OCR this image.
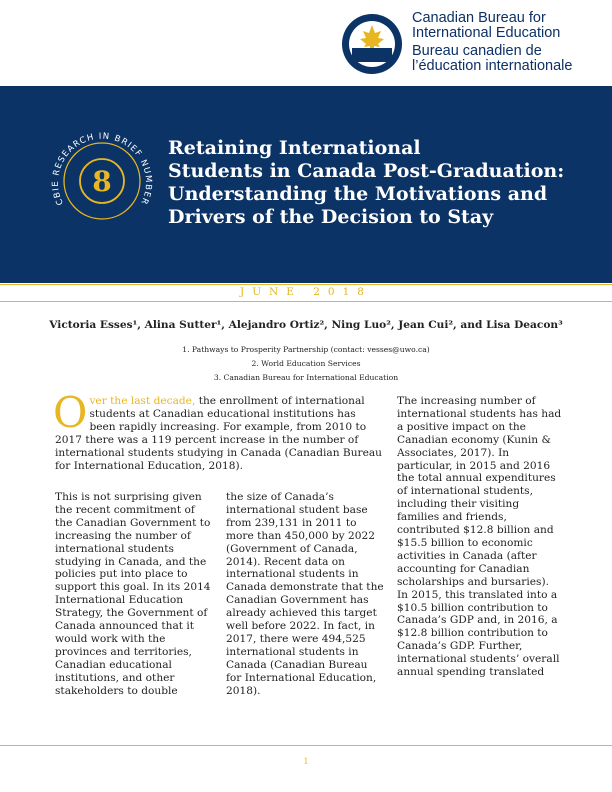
Canadian Bureau for
International Education
Bureau canadien de
l’éducation internationale
CBIE RESEARCH IN BRIEF NUMBER
8
Retaining International
Students in Canada Post-Graduation:
Understanding the Motivations and
Drivers of the Decision to Stay
JUNE 2018
Victoria Esses¹, Alina Sutter¹, Alejandro Ortiz², Ning Luo², Jean Cui², and Lisa Deacon³
1. Pathways to Prosperity Partnership (contact: vesses@uwo.ca)
2. World Education Services
3. Canadian Bureau for International Education

Over the last decade, the enrollment of international students at Canadian educational institutions has been rapidly increasing. For example, from 2010 to 2017 there was a 119 percent increase in the number of international students studying in Canada (Canadian Bureau for International Education, 2018).

This is not surprising given the recent commitment of the Canadian Government to increasing the number of international students studying in Canada, and the policies put into place to support this goal. In its 2014 International Education Strategy, the Government of Canada announced that it would work with the provinces and territories, Canadian educational institutions, and other stakeholders to double

the size of Canada’s international student base from 239,131 in 2011 to more than 450,000 by 2022 (Government of Canada, 2014). Recent data on international students in Canada demonstrate that the Canadian Government has already achieved this target well before 2022. In fact, in 2017, there were 494,525 international students in Canada (Canadian Bureau for International Education, 2018).

The increasing number of international students has had a positive impact on the Canadian economy (Kunin & Associates, 2017). In particular, in 2015 and 2016 the total annual expenditures of international students, including their visiting families and friends, contributed $12.8 billion and $15.5 billion to economic activities in Canada (after accounting for Canadian scholarships and bursaries). In 2015, this translated into a $10.5 billion contribution to Canada’s GDP and, in 2016, a $12.8 billion contribution to Canada’s GDP. Further, international students’ overall annual spending translated

1
